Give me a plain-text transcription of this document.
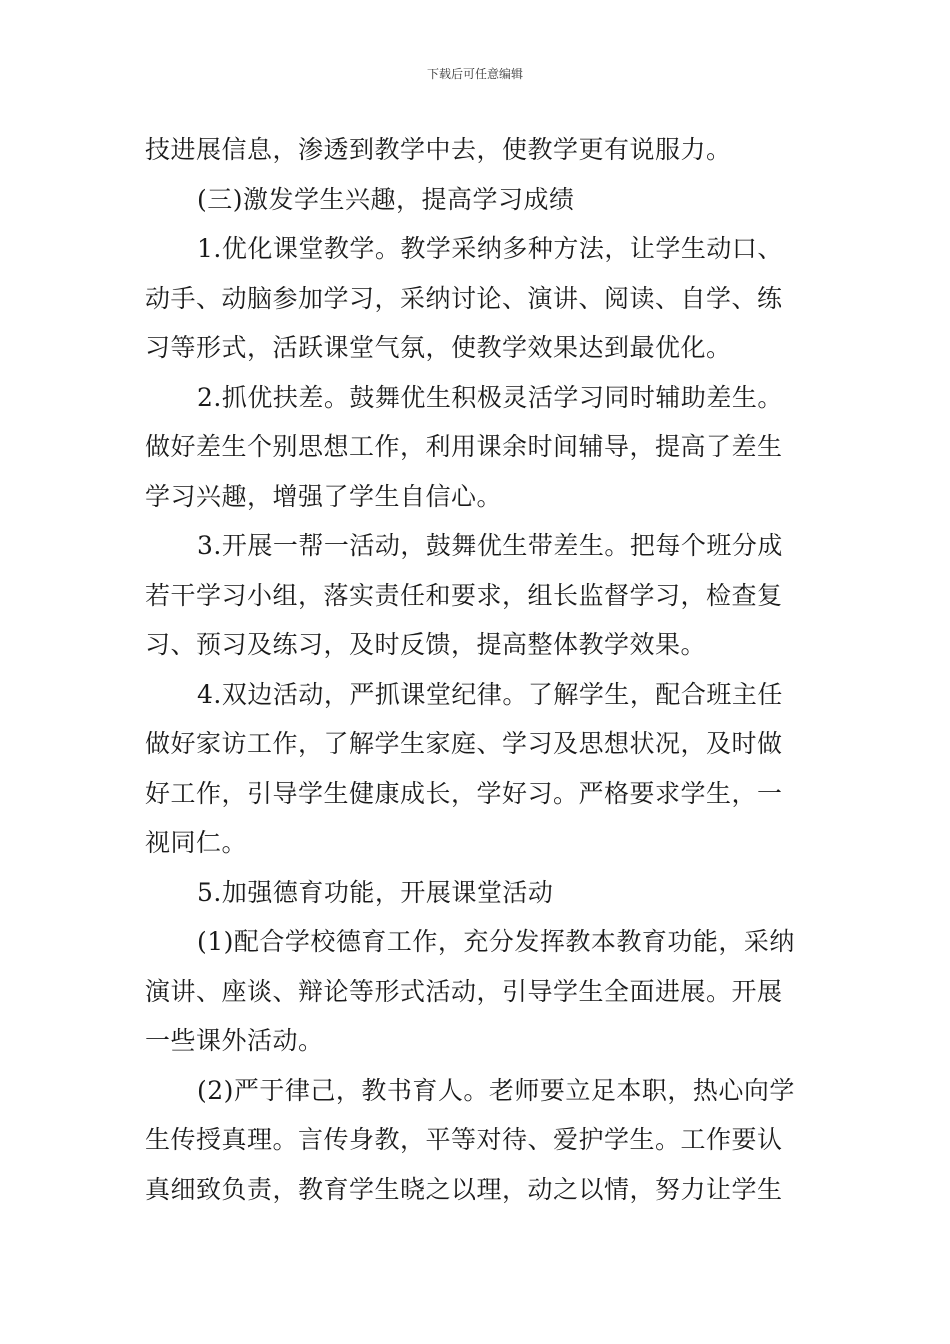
下载后可任意编辑
技进展信息，渗透到教学中去，使教学更有说服力。
(三)激发学生兴趣，提高学习成绩
1.优化课堂教学。教学采纳多种方法，让学生动口、
动手、动脑参加学习，采纳讨论、演讲、阅读、自学、练
习等形式，活跃课堂气氛，使教学效果达到最优化。
2.抓优扶差。鼓舞优生积极灵活学习同时辅助差生。
做好差生个别思想工作，利用课余时间辅导，提高了差生
学习兴趣，增强了学生自信心。
3.开展一帮一活动，鼓舞优生带差生。把每个班分成
若干学习小组，落实责任和要求，组长监督学习，检查复
习、预习及练习，及时反馈，提高整体教学效果。
4.双边活动，严抓课堂纪律。了解学生，配合班主任
做好家访工作，了解学生家庭、学习及思想状况，及时做
好工作，引导学生健康成长，学好习。严格要求学生，一
视同仁。
5.加强德育功能，开展课堂活动
(1)配合学校德育工作，充分发挥教本教育功能，采纳
演讲、座谈、辩论等形式活动，引导学生全面进展。开展
一些课外活动。
(2)严于律己，教书育人。老师要立足本职，热心向学
生传授真理。言传身教，平等对待、爱护学生。工作要认
真细致负责，教育学生晓之以理，动之以情，努力让学生
